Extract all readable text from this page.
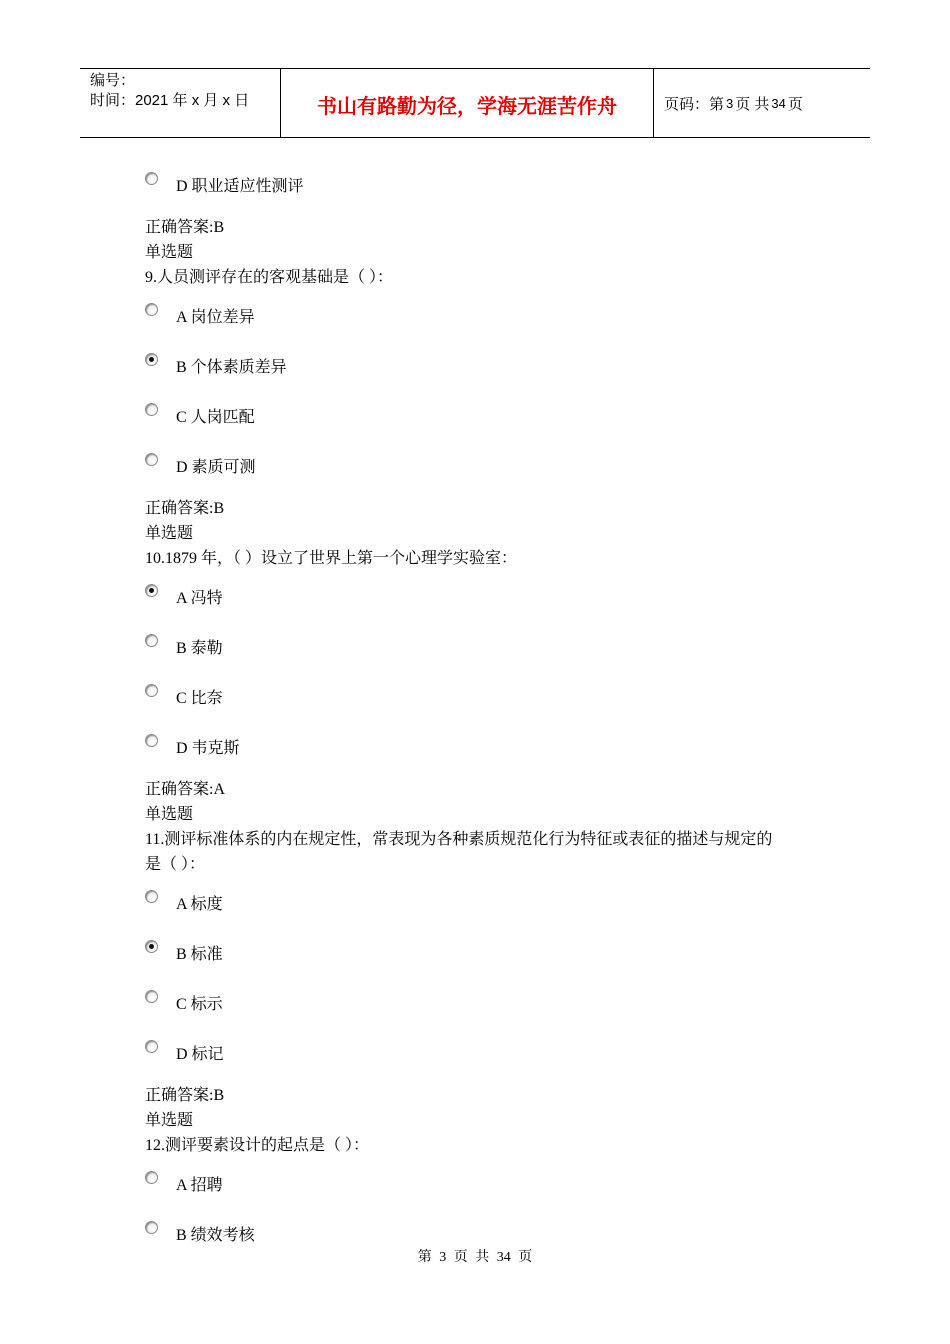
编号：
时间：2021 年 x 月 x 日	书山有路勤为径，学海无涯苦作舟	页码：第 3 页 共 34 页
D 职业适应性测评
正确答案:B
单选题
9.人员测评存在的客观基础是（ ）：
A 岗位差异
B 个体素质差异
C 人岗匹配
D 素质可测
正确答案:B
单选题
10.1879 年，（ ）设立了世界上第一个心理学实验室：
A 冯特
B 泰勒
C 比奈
D 韦克斯
正确答案:A
单选题
11.测评标准体系的内在规定性，常表现为各种素质规范化行为特征或表征的描述与规定的
是（ ）：
A 标度
B 标准
C 标示
D 标记
正确答案:B
单选题
12.测评要素设计的起点是（ ）：
A 招聘
B 绩效考核
第 3 页 共 34 页
